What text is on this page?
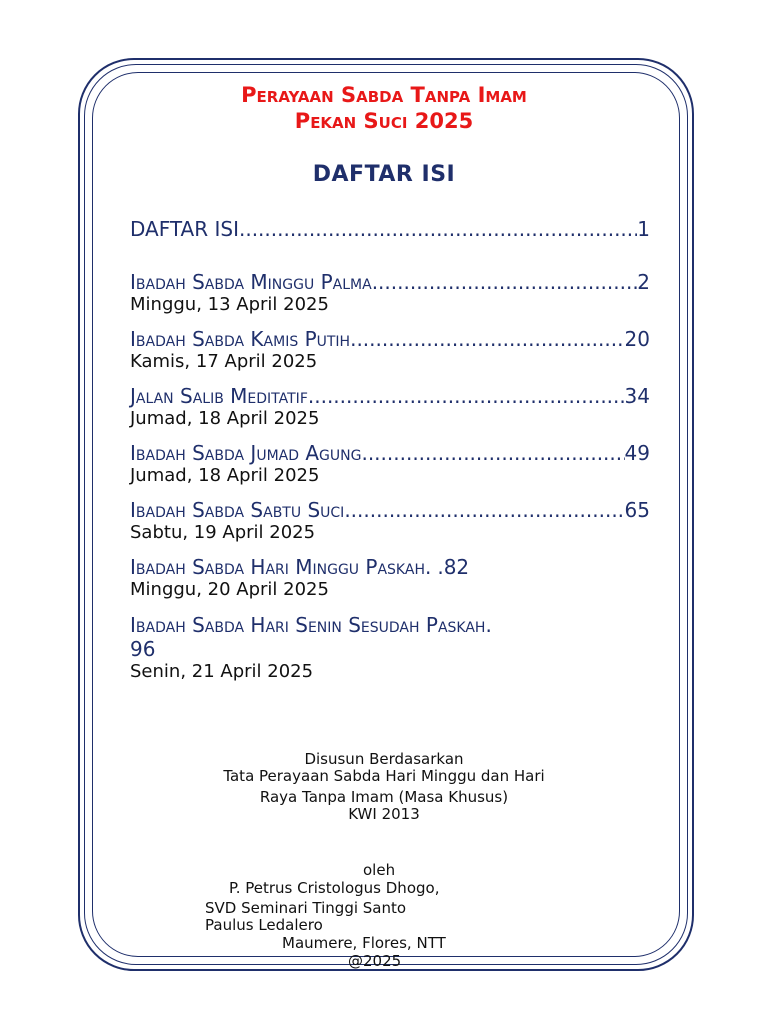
Perayaan Sabda Tanpa Imam
Pekan Suci 2025
DAFTAR ISI
DAFTAR ISI .....	1
Ibadah Sabda Minggu Palma .....	2
Minggu, 13 April 2025
Ibadah Sabda Kamis Putih .....	20
Kamis, 17 April 2025
Jalan Salib Meditatif .....	34
Jumad, 18 April 2025
Ibadah Sabda Jumad Agung .....	49
Jumad, 18 April 2025
Ibadah Sabda Sabtu Suci .....	65
Sabtu, 19 April 2025
Ibadah Sabda Hari Minggu Paskah. .82
Minggu, 20 April 2025
Ibadah Sabda Hari Senin Sesudah Paskah.
96
Senin, 21 April 2025

Disusun Berdasarkan

Tata Perayaan Sabda Hari Minggu dan Hari

Raya Tanpa Imam (Masa Khusus)

KWI 2013

oleh
P. Petrus Cristologus Dhogo,
SVD Seminari Tinggi Santo
Paulus Ledalero
Maumere, Flores, NTT
@2025
